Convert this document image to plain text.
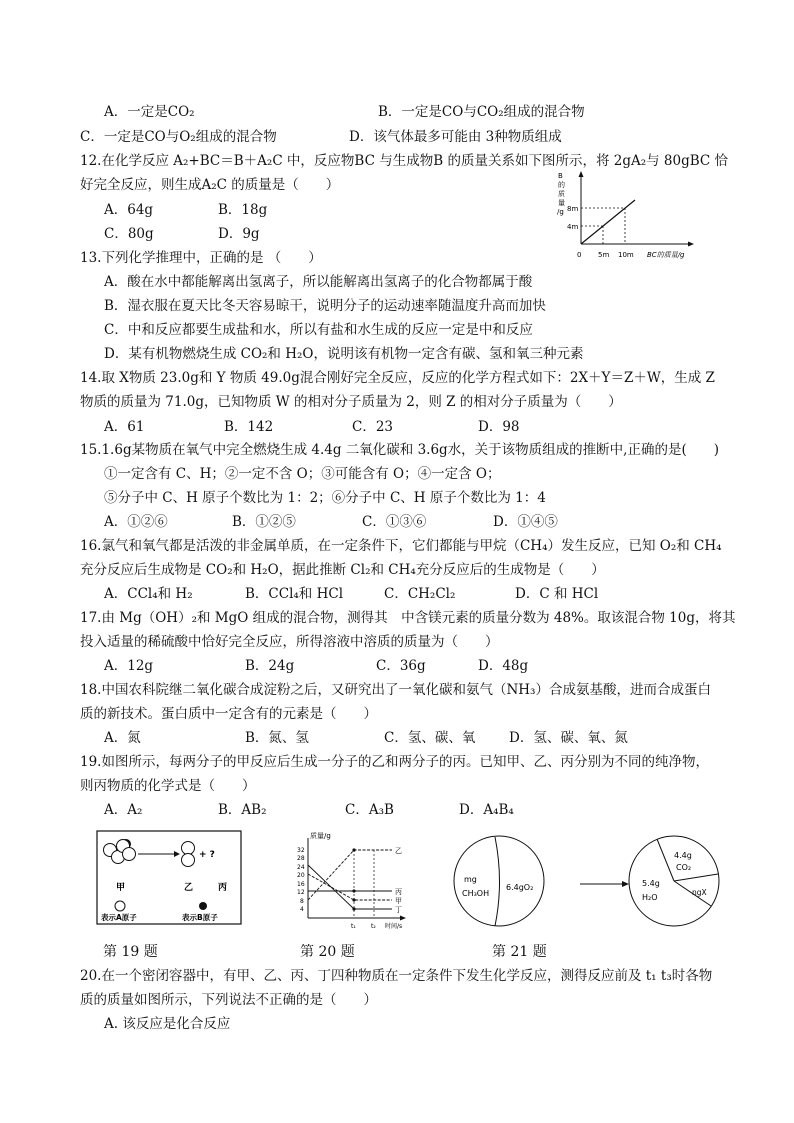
A．一定是CO₂	B．一定是CO与CO₂组成的混合物
C．一定是CO与O₂组成的混合物	D．该气体最多可能由 3种物质组成
12.在化学反应 A₂+BC＝B＋A₂C 中，反应物BC 与生成物B 的质量关系如下图所示，将 2gA₂与 80gBC 恰
好完全反应，则生成A₂C 的质量是（　　）
A．64g	B．18g
C．80g	D．9g
B
的
质
量
/g 8m
4m
0 5m 10m BC的质量/g
13.下列化学推理中，正确的是 （　　）
A．酸在水中都能解离出氢离子，所以能解离出氢离子的化合物都属于酸
B．湿衣服在夏天比冬天容易晾干，说明分子的运动速率随温度升高而加快
C．中和反应都要生成盐和水，所以有盐和水生成的反应一定是中和反应
D．某有机物燃烧生成 CO₂和 H₂O，说明该有机物一定含有碳、氢和氧三种元素
14.取 X物质 23.0g和 Y 物质 49.0g混合刚好完全反应，反应的化学方程式如下：2X＋Y＝Z＋W，生成 Z
物质的质量为 71.0g，已知物质 W 的相对分子质量为 2，则 Z 的相对分子质量为（　　）
A．61	B．142	C．23	D．98
15.1.6g某物质在氧气中完全燃烧生成 4.4g 二氧化碳和 3.6g水，关于该物质组成的推断中,正确的是(　　)
①一定含有 C、H；②一定不含 O；③可能含有 O；④一定含 O；
⑤分子中 C、H 原子个数比为 1：2；⑥分子中 C、H 原子个数比为 1：4
A．①②⑥	B．①②⑤	C．①③⑥	D．①④⑤
16.氯气和氧气都是活泼的非金属单质，在一定条件下，它们都能与甲烷（CH₄）发生反应，已知 O₂和 CH₄
充分反应后生成物是 CO₂和 H₂O，据此推断 Cl₂和 CH₄充分反应后的生成物是（　　）
A．CCl₄和 H₂	B．CCl₄和 HCl	C．CH₂Cl₂	D．C 和 HCl
17.由 Mg（OH）₂和 MgO 组成的混合物，测得其　中含镁元素的质量分数为 48%。取该混合物 10g，将其
投入适量的稀硫酸中恰好完全反应，所得溶液中溶质的质量为（　　）
A．12g	B．24g	C．36g	D．48g
18.中国农科院继二氧化碳合成淀粉之后，又研究出了一氧化碳和氨气（NH₃）合成氨基酸，进而合成蛋白
质的新技术。蛋白质中一定含有的元素是（　　）
A．氮	B．氮、氢	C．氢、碳、氧 D．氢、碳、氧、氮
19.如图所示，每两分子的甲反应后生成一分子的乙和两分子的丙。已知甲、乙、丙分别为不同的纯净物，
则丙物质的化学式是（　　）
A．A₂	B．AB₂	C．A₃B	D．A₄B₄
+ ?
甲	乙	丙
表示A原子	表示B原子
质量/g
32
28
24
20
16
12
8
4
乙
丙
甲
丁
t₁	t₂ 时间/s
mg
CH₃OH
6.4gO₂
4.4g
CO₂
5.4g
H₂O
ngX
第 19 题	第 20 题	第 21 题
20.在一个密闭容器中，有甲、乙、丙、丁四种物质在一定条件下发生化学反应，测得反应前及 t₁ t₃时各物
质的质量如图所示，下列说法不正确的是（　　）
A. 该反应是化合反应
